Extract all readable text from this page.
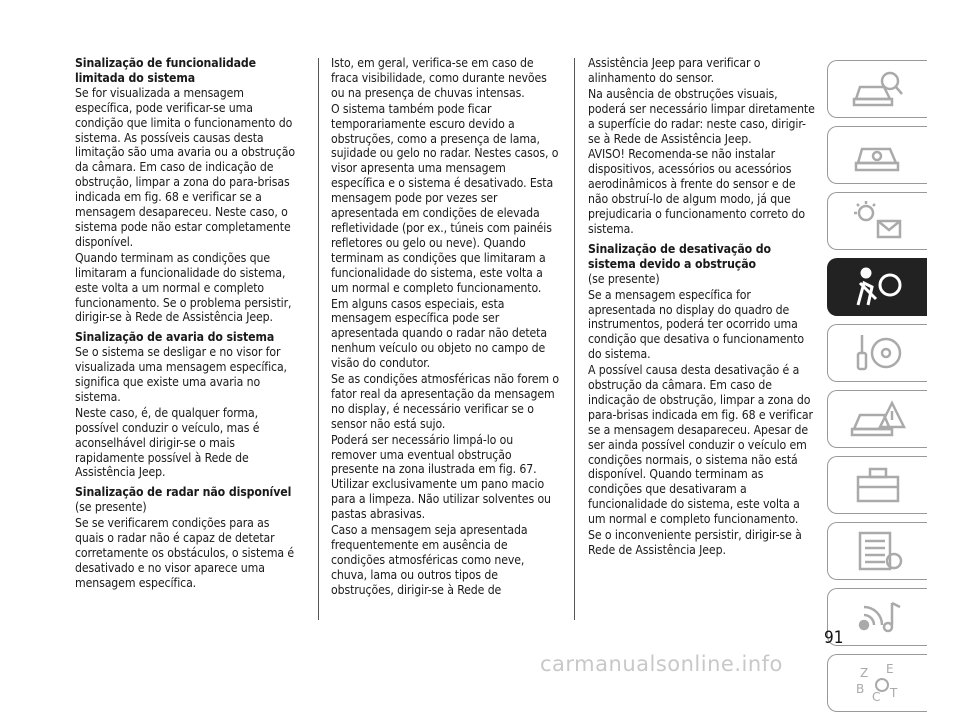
Sinalização de funcionalidade limitada do sistema

Se for visualizada a mensagem específica, pode verificar-se uma condição que limita o funcionamento do sistema. As possíveis causas desta limitação são uma avaria ou a obstrução da câmara. Em caso de indicação de obstrução, limpar a zona do para-brisas indicada em fig. 68 e verificar se a mensagem desapareceu. Neste caso, o sistema pode não estar completamente disponível.

Quando terminam as condições que limitaram a funcionalidade do sistema, este volta a um normal e completo funcionamento. Se o problema persistir, dirigir-se à Rede de Assistência Jeep.

Sinalização de avaria do sistema

Se o sistema se desligar e no visor for visualizada uma mensagem específica, significa que existe uma avaria no sistema.

Neste caso, é, de qualquer forma, possível conduzir o veículo, mas é aconselhável dirigir-se o mais rapidamente possível à Rede de Assistência Jeep.

Sinalização de radar não disponível

(se presente)

Se se verificarem condições para as quais o radar não é capaz de detetar corretamente os obstáculos, o sistema é desativado e no visor aparece uma mensagem específica.

Isto, em geral, verifica-se em caso de fraca visibilidade, como durante nevões ou na presença de chuvas intensas.

O sistema também pode ficar temporariamente escuro devido a obstruções, como a presença de lama, sujidade ou gelo no radar. Nestes casos, o visor apresenta uma mensagem específica e o sistema é desativado. Esta mensagem pode por vezes ser apresentada em condições de elevada refletividade (por ex., túneis com painéis refletores ou gelo ou neve). Quando terminam as condições que limitaram a funcionalidade do sistema, este volta a um normal e completo funcionamento.

Em alguns casos especiais, esta mensagem específica pode ser apresentada quando o radar não deteta nenhum veículo ou objeto no campo de visão do condutor.

Se as condições atmosféricas não forem o fator real da apresentação da mensagem no display, é necessário verificar se o sensor não está sujo.

Poderá ser necessário limpá-lo ou remover uma eventual obstrução presente na zona ilustrada em fig. 67. Utilizar exclusivamente um pano macio para a limpeza. Não utilizar solventes ou pastas abrasivas.

Caso a mensagem seja apresentada frequentemente em ausência de condições atmosféricas como neve, chuva, lama ou outros tipos de obstruções, dirigir-se à Rede de

Assistência Jeep para verificar o alinhamento do sensor.

Na ausência de obstruções visuais, poderá ser necessário limpar diretamente a superfície do radar: neste caso, dirigir-se à Rede de Assistência Jeep.

AVISO! Recomenda-se não instalar dispositivos, acessórios ou acessórios aerodinâmicos à frente do sensor e de não obstruí-lo de algum modo, já que prejudicaria o funcionamento correto do sistema.

Sinalização de desativação do sistema devido a obstrução

(se presente)

Se a mensagem específica for apresentada no display do quadro de instrumentos, poderá ter ocorrido uma condição que desativa o funcionamento do sistema.

A possível causa desta desativação é a obstrução da câmara. Em caso de indicação de obstrução, limpar a zona do para-brisas indicada em fig. 68 e verificar se a mensagem desapareceu. Apesar de ser ainda possível conduzir o veículo em condições normais, o sistema não está disponível. Quando terminam as condições que desativaram a funcionalidade do sistema, este volta a um normal e completo funcionamento.

Se o inconveniente persistir, dirigir-se à Rede de Assistência Jeep.

Z E
B
C T
91
carmanualsonline.info
